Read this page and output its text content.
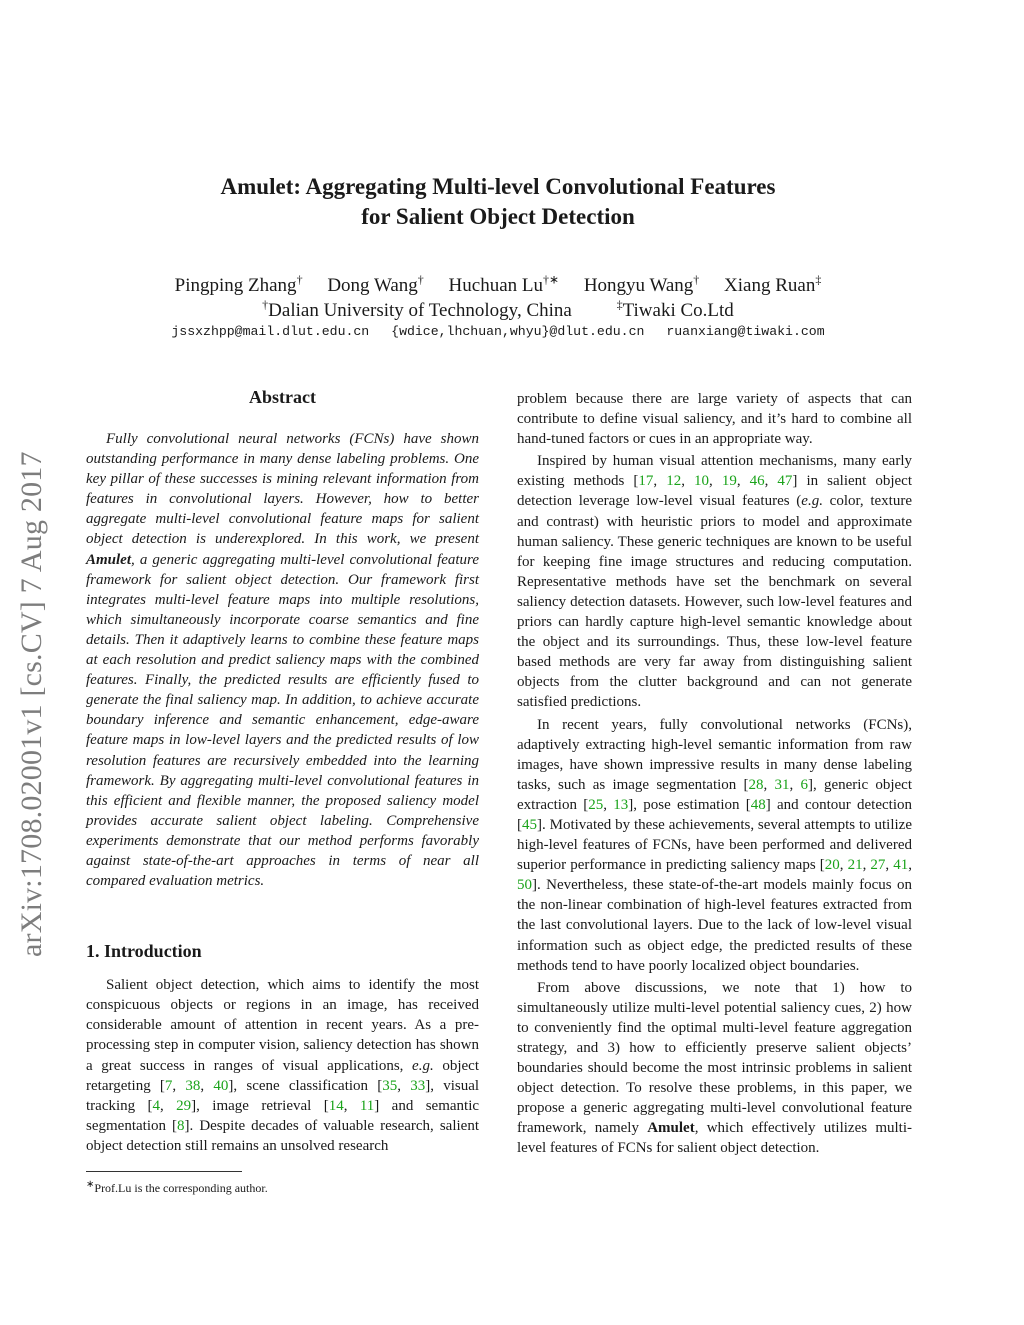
arXiv:1708.02001v1 [cs.CV] 7 Aug 2017
Amulet: Aggregating Multi-level Convolutional Features
for Salient Object Detection
Pingping Zhang† Dong Wang† Huchuan Lu†∗ Hongyu Wang† Xiang Ruan‡
†Dalian University of Technology, China	‡Tiwaki Co.Ltd
jssxzhpp@mail.dlut.edu.cn {wdice,lhchuan,whyu}@dlut.edu.cn ruanxiang@tiwaki.com
Abstract

Fully convolutional neural networks (FCNs) have shown outstanding performance in many dense labeling problems. One key pillar of these successes is mining relevant information from features in convolutional layers. However, how to better aggregate multi-level convolutional feature maps for salient object detection is underexplored. In this work, we present Amulet, a generic aggregating multi-level convolutional feature framework for salient object detection. Our framework first integrates multi-level feature maps into multiple resolutions, which simultaneously incorporate coarse semantics and fine details. Then it adaptively learns to combine these feature maps at each resolution and predict saliency maps with the combined features. Finally, the predicted results are efficiently fused to generate the final saliency map. In addition, to achieve accurate boundary inference and semantic enhancement, edge-aware feature maps in low-level layers and the predicted results of low resolution features are recursively embedded into the learning framework. By aggregating multi-level convolutional features in this efficient and flexible manner, the proposed saliency model provides accurate salient object labeling. Comprehensive experiments demonstrate that our method performs favorably against state-of-the-art approaches in terms of near all compared evaluation metrics.

1. Introduction

Salient object detection, which aims to identify the most conspicuous objects or regions in an image, has received considerable amount of attention in recent years. As a pre-processing step in computer vision, saliency detection has shown a great success in ranges of visual applications, e.g. object retargeting [7, 38, 40], scene classification [35, 33], visual tracking [4, 29], image retrieval [14, 11] and semantic segmentation [8]. Despite decades of valuable research, salient object detection still remains an unsolved research

∗Prof.Lu is the corresponding author.

problem because there are large variety of aspects that can contribute to define visual saliency, and it’s hard to combine all hand-tuned factors or cues in an appropriate way.

Inspired by human visual attention mechanisms, many early existing methods [17, 12, 10, 19, 46, 47] in salient object detection leverage low-level visual features (e.g. color, texture and contrast) with heuristic priors to model and approximate human saliency. These generic techniques are known to be useful for keeping fine image structures and reducing computation. Representative methods have set the benchmark on several saliency detection datasets. However, such low-level features and priors can hardly capture high-level semantic knowledge about the object and its surroundings. Thus, these low-level feature based methods are very far away from distinguishing salient objects from the clutter background and can not generate satisfied predictions.

In recent years, fully convolutional networks (FCNs), adaptively extracting high-level semantic information from raw images, have shown impressive results in many dense labeling tasks, such as image segmentation [28, 31, 6], generic object extraction [25, 13], pose estimation [48] and contour detection [45]. Motivated by these achievements, several attempts to utilize high-level features of FCNs, have been performed and delivered superior performance in predicting saliency maps [20, 21, 27, 41, 50]. Nevertheless, these state-of-the-art models mainly focus on the non-linear combination of high-level features extracted from the last convolutional layers. Due to the lack of low-level visual information such as object edge, the predicted results of these methods tend to have poorly localized object boundaries.

From above discussions, we note that 1) how to simultaneously utilize multi-level potential saliency cues, 2) how to conveniently find the optimal multi-level feature aggregation strategy, and 3) how to efficiently preserve salient objects’ boundaries should become the most intrinsic problems in salient object detection. To resolve these problems, in this paper, we propose a generic aggregating multi-level convolutional feature framework, namely Amulet, which effectively utilizes multi-level features of FCNs for salient object detection.
